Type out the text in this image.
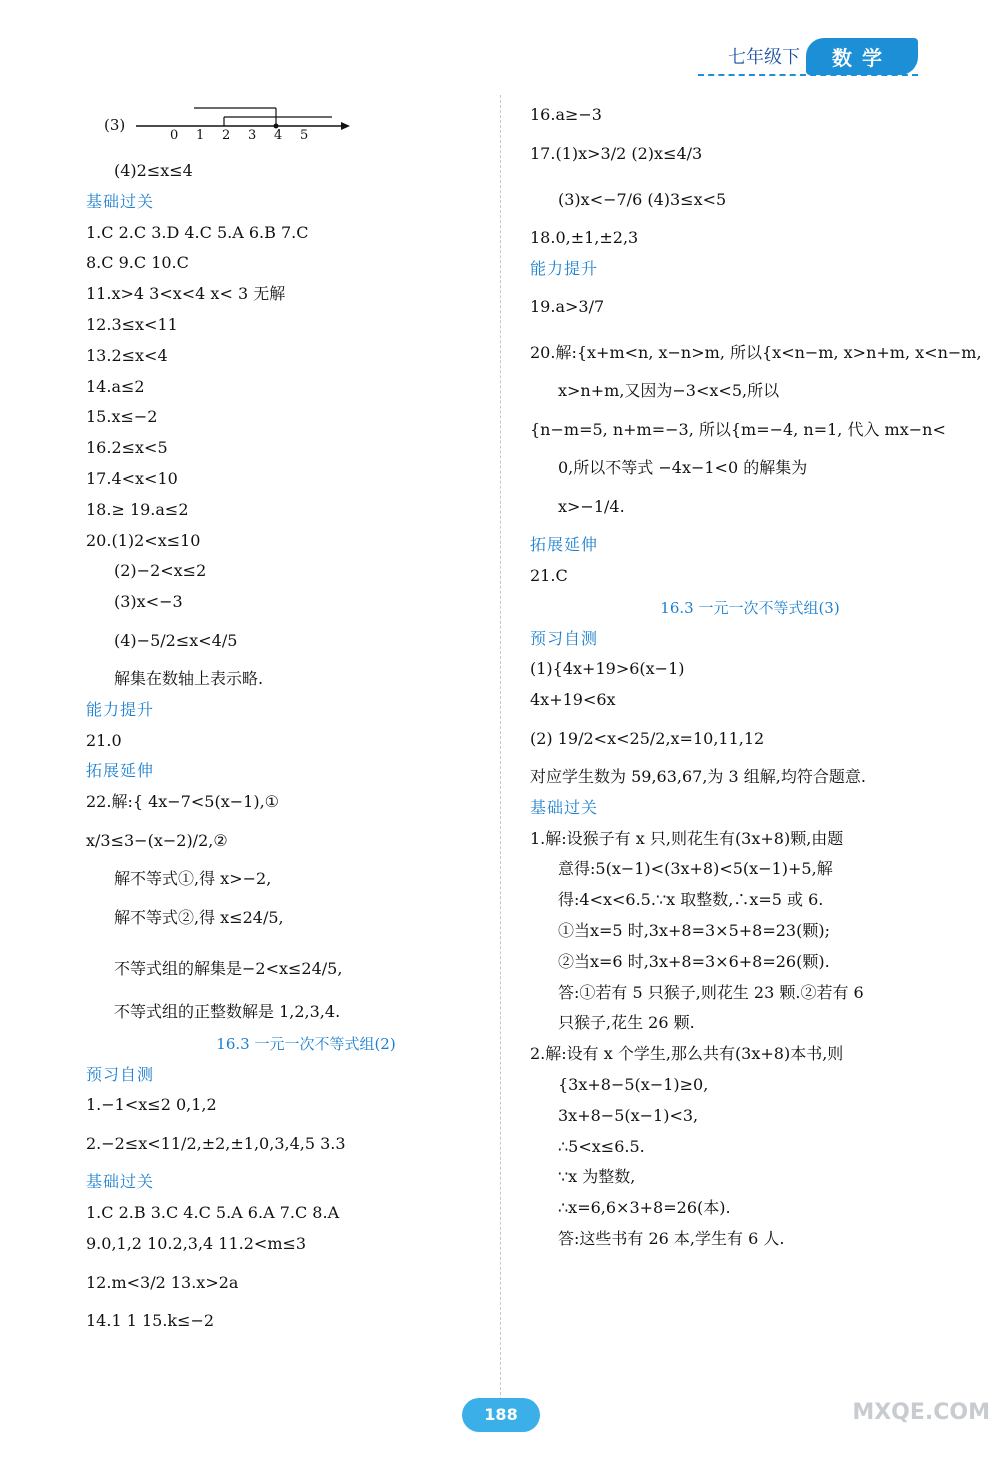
七年级下	数学
(3)
0 1 2 3 4 5
(4)2≤x≤4
基础过关
1.C 2.C 3.D 4.C 5.A 6.B 7.C
8.C 9.C 10.C
11.x>4 3<x<4 x< 3 无解
12.3≤x<11
13.2≤x<4
14.a≤2
15.x≤−2
16.2≤x<5
17.4<x<10
18.≥ 19.a≤2
20.(1)2<x≤10
(2)−2<x≤2
(3)x<−3
(4)−5/2≤x<4/5
解集在数轴上表示略.
能力提升
21.0
拓展延伸
22.解:{ 4x−7<5(x−1),①
x/3≤3−(x−2)/2,②
解不等式①,得 x>−2,
解不等式②,得 x≤24/5,
不等式组的解集是−2<x≤24/5,
不等式组的正整数解是 1,2,3,4.
16.3 一元一次不等式组(2)
预习自测
1.−1<x≤2 0,1,2
2.−2≤x<11/2,±2,±1,0,3,4,5 3.3
基础过关
1.C 2.B 3.C 4.C 5.A 6.A 7.C 8.A
9.0,1,2 10.2,3,4 11.2<m≤3
12.m<3/2 13.x>2a
14.1 1 15.k≤−2
16.a≥−3
17.(1)x>3/2 (2)x≤4/3
(3)x<−7/6 (4)3≤x<5
18.0,±1,±2,3
能力提升
19.a>3/7
20.解:{x+m<n, x−n>m, 所以{x<n−m, x>n+m, x<n−m,
x>n+m,又因为−3<x<5,所以
{n−m=5, n+m=−3, 所以{m=−4, n=1, 代入 mx−n<
0,所以不等式 −4x−1<0 的解集为
x>−1/4.
拓展延伸
21.C
16.3 一元一次不等式组(3)
预习自测
(1){4x+19>6(x−1)
4x+19<6x
(2) 19/2<x<25/2,x=10,11,12
对应学生数为 59,63,67,为 3 组解,均符合题意.
基础过关
1.解:设猴子有 x 只,则花生有(3x+8)颗,由题
意得:5(x−1)<(3x+8)<5(x−1)+5,解
得:4<x<6.5.∵x 取整数,∴x=5 或 6.
①当x=5 时,3x+8=3×5+8=23(颗);
②当x=6 时,3x+8=3×6+8=26(颗).
答:①若有 5 只猴子,则花生 23 颗.②若有 6
只猴子,花生 26 颗.
2.解:设有 x 个学生,那么共有(3x+8)本书,则
{3x+8−5(x−1)≥0,
3x+8−5(x−1)<3,
∴5<x≤6.5.
∵x 为整数,
∴x=6,6×3+8=26(本).
答:这些书有 26 本,学生有 6 人.
188	MXQE.COM
